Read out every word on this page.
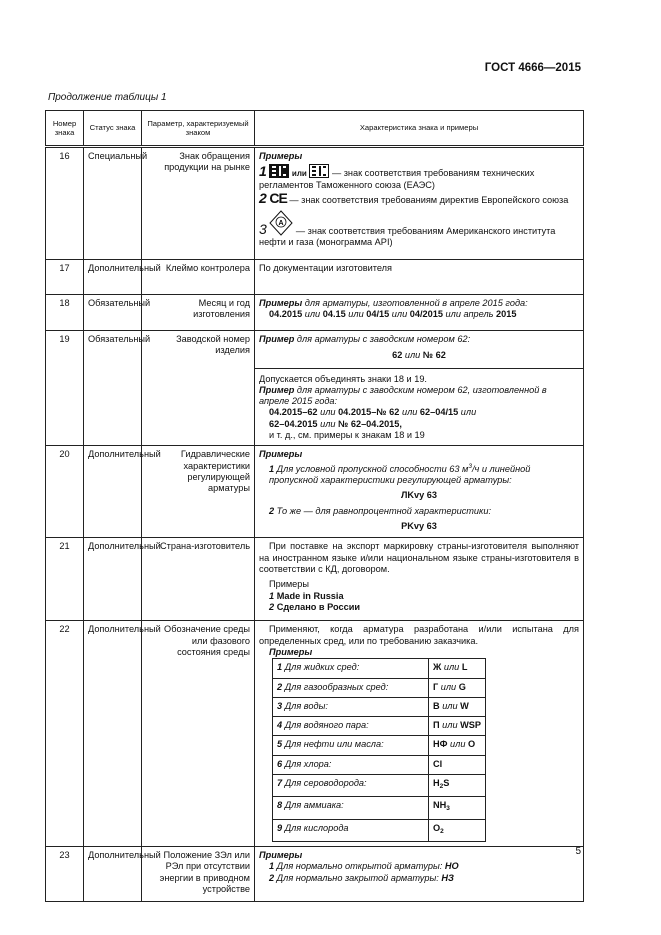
ГОСТ 4666—2015
Продолжение таблицы 1
Номер знака	Статус знака	Параметр, характеризуемый знаком	Характеристика знака и примеры
16	Специальный	Знак обращения продукции на рынке	

Примеры

1	или	— знак соответствия требованиям технических регламентов Таможенного союза (ЕАЭС)
2 CE — знак соответствия требованиям директив Европейского союза
3 A
— знак соответствия требованиям Американского института нефти и газа (монограмма API)

17	Дополнительный	Клеймо контролера	По документации изготовителя
18	Обязательный	Месяц и год изготовления	

Примеры для арматуры, изготовленной в апреле 2015 года:

04.2015 или 04.15 или 04/15 или 04/2015 или апрель 2015

19	Обязательный	Заводской номер изделия	

Пример для арматуры с заводским номером 62:

62 или № 62

Допускается объединять знаки 18 и 19.

Пример для арматуры с заводским номером 62, изготовленной в апреле 2015 года:

04.2015–62 или 04.2015–№ 62 или 62–04/15 или

62–04.2015 или № 62–04.2015,

и т. д., см. примеры к знакам 18 и 19

20	Дополнительный	Гидравлические характеристики регулирующей арматуры	

Примеры

1 Для условной пропускной способности 63 $м^3/ч$ и линейной пропускной характеристики регулирующей арматуры:

ЛKvy 63

2 То же — для равнопроцентной характеристики:

PKvy 63

21	Дополнительный	Страна-изготовитель	При поставке на экспорт маркировку страны-изготовителя выполняют на иностранном языке и/или национальном языке страны-изготовителя в соответствии с КД, договором.

Примеры

1 Made in Russia

2 Сделано в России

22	Дополнительный	Обозначение среды или фазового состояния среды	

Применяют, когда арматура разработана и/или испытана для определенных сред, или по требованию заказчика.

Примеры

1 Для жидких сред:	Ж или L
2 Для газообразных сред:	Г или G
3 Для воды:	В или W
4 Для водяного пара:	П или WSP
5 Для нефти или масла:	НФ или О
6 Для хлора:	Cl
7 Для сероводорода:	$H_2S$
8 Для аммиака:	$NH_3$
9 Для кислорода	$O_2$

23	Дополнительный	Положение ЗЭл или РЭл при отсутствии энергии в приводном устройстве	

Примеры

1 Для нормально открытой арматуры: НО

2 Для нормально закрытой арматуры: НЗ

5
